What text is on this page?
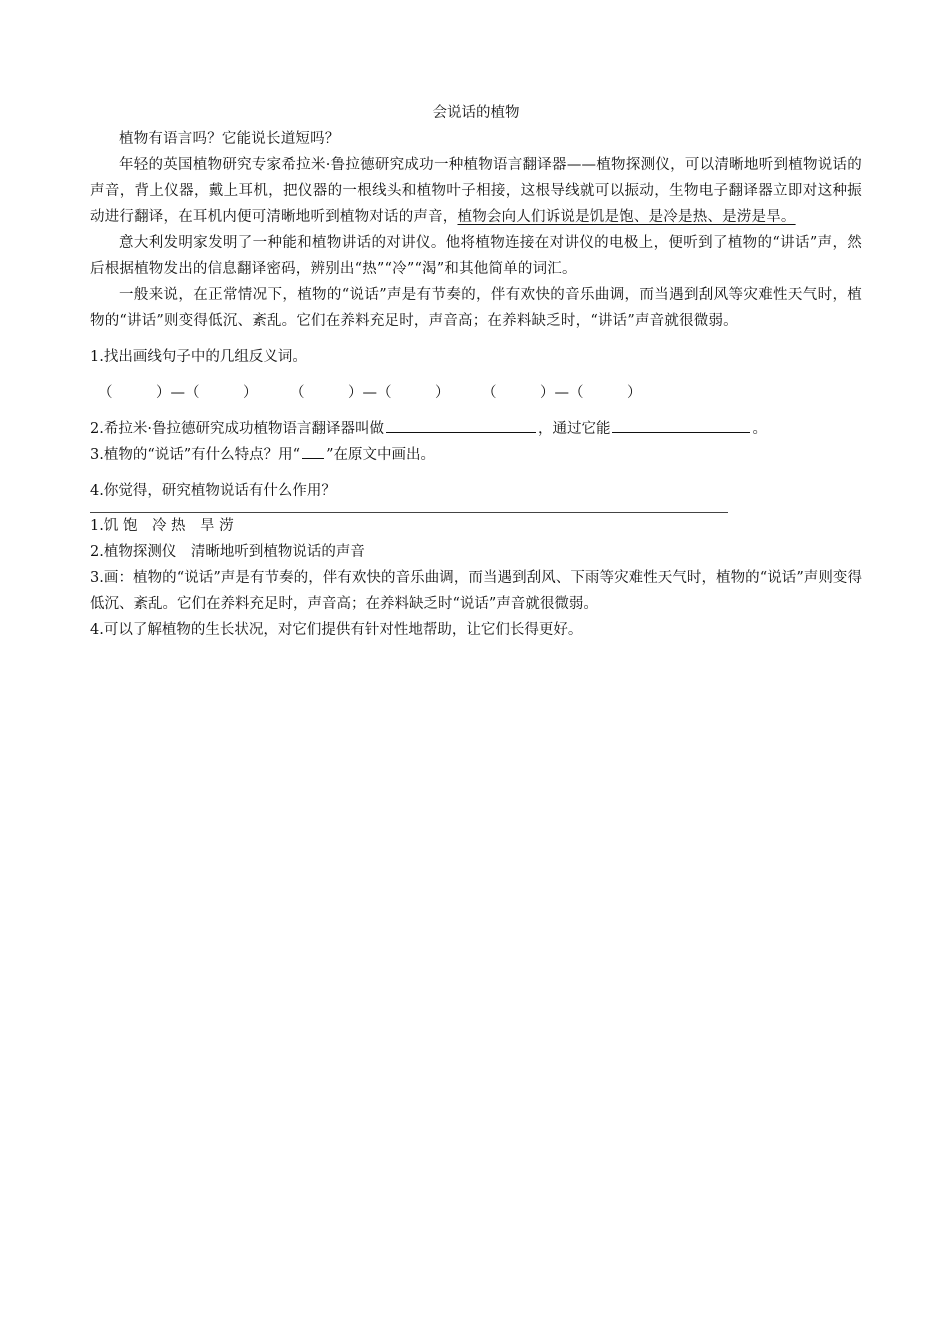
会说话的植物

植物有语言吗？它能说长道短吗？

年轻的英国植物研究专家希拉米·鲁拉德研究成功一种植物语言翻译器——植物探测仪，可以清晰地听到植物说话的声音，背上仪器，戴上耳机，把仪器的一根线头和植物叶子相接，这根导线就可以振动，生物电子翻译器立即对这种振动进行翻译，在耳机内便可清晰地听到植物对话的声音，植物会向人们诉说是饥是饱、是冷是热、是涝是旱。

意大利发明家发明了一种能和植物讲话的对讲仪。他将植物连接在对讲仪的电极上，便听到了植物的“讲话”声，然后根据植物发出的信息翻译密码，辨别出“热”“冷”“渴”和其他简单的词汇。

一般来说，在正常情况下，植物的“说话”声是有节奏的，伴有欢快的音乐曲调，而当遇到刮风等灾难性天气时，植物的“讲话”则变得低沉、紊乱。它们在养料充足时，声音高；在养料缺乏时，“讲话”声音就很微弱。

1.找出画线句子中的几组反义词。

（　　　）—（　　　）	（　　　）—（　　　）	（　　　）—（　　　）

2.希拉米·鲁拉德研究成功植物语言翻译器叫做	，通过它能	。

3.植物的“说话”有什么特点？用“ ”在原文中画出。

4.你觉得，研究植物说话有什么作用？

1.饥 饱　冷 热　旱 涝

2.植物探测仪　清晰地听到植物说话的声音

3.画：植物的“说话”声是有节奏的，伴有欢快的音乐曲调，而当遇到刮风、下雨等灾难性天气时，植物的“说话”声则变得低沉、紊乱。它们在养料充足时，声音高；在养料缺乏时“说话”声音就很微弱。

4.可以了解植物的生长状况，对它们提供有针对性地帮助，让它们长得更好。
